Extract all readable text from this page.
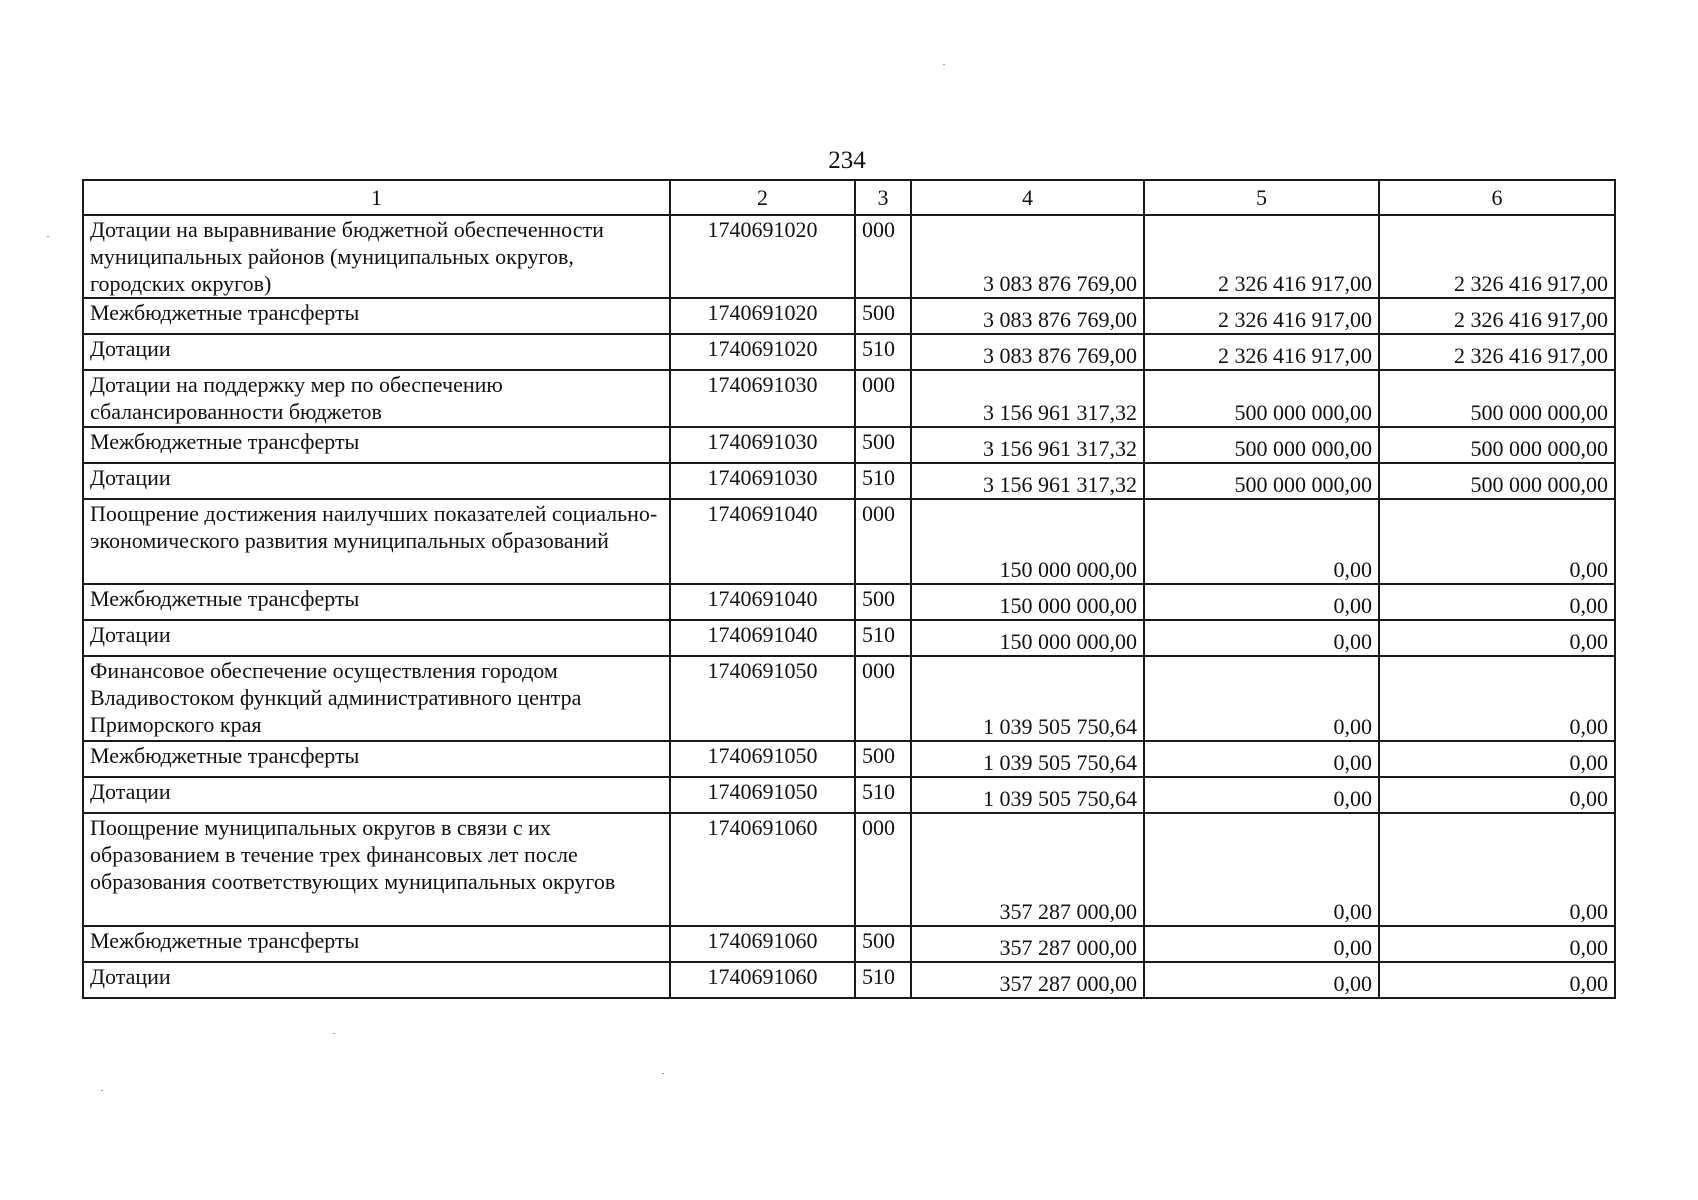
234
1	2	3	4	5	6
Дотации на выравнивание бюджетной обеспеченности муниципальных районов (муниципальных округов, городских округов)	1740691020	000	3 083 876 769,00	2 326 416 917,00	2 326 416 917,00
Межбюджетные трансферты	1740691020	500	3 083 876 769,00	2 326 416 917,00	2 326 416 917,00
Дотации	1740691020	510	3 083 876 769,00	2 326 416 917,00	2 326 416 917,00
Дотации на поддержку мер по обеспечению сбалансированности бюджетов	1740691030	000	3 156 961 317,32	500 000 000,00	500 000 000,00
Межбюджетные трансферты	1740691030	500	3 156 961 317,32	500 000 000,00	500 000 000,00
Дотации	1740691030	510	3 156 961 317,32	500 000 000,00	500 000 000,00
Поощрение достижения наилучших показателей социально-экономического развития муниципальных образований	1740691040	000	150 000 000,00	0,00	0,00
Межбюджетные трансферты	1740691040	500	150 000 000,00	0,00	0,00
Дотации	1740691040	510	150 000 000,00	0,00	0,00
Финансовое обеспечение осуществления городом Владивостоком функций административного центра Приморского края	1740691050	000	1 039 505 750,64	0,00	0,00
Межбюджетные трансферты	1740691050	500	1 039 505 750,64	0,00	0,00
Дотации	1740691050	510	1 039 505 750,64	0,00	0,00
Поощрение муниципальных округов в связи с их образованием в течение трех финансовых лет после образования соответствующих муниципальных округов	1740691060	000	357 287 000,00	0,00	0,00
Межбюджетные трансферты	1740691060	500	357 287 000,00	0,00	0,00
Дотации	1740691060	510	357 287 000,00	0,00	0,00
